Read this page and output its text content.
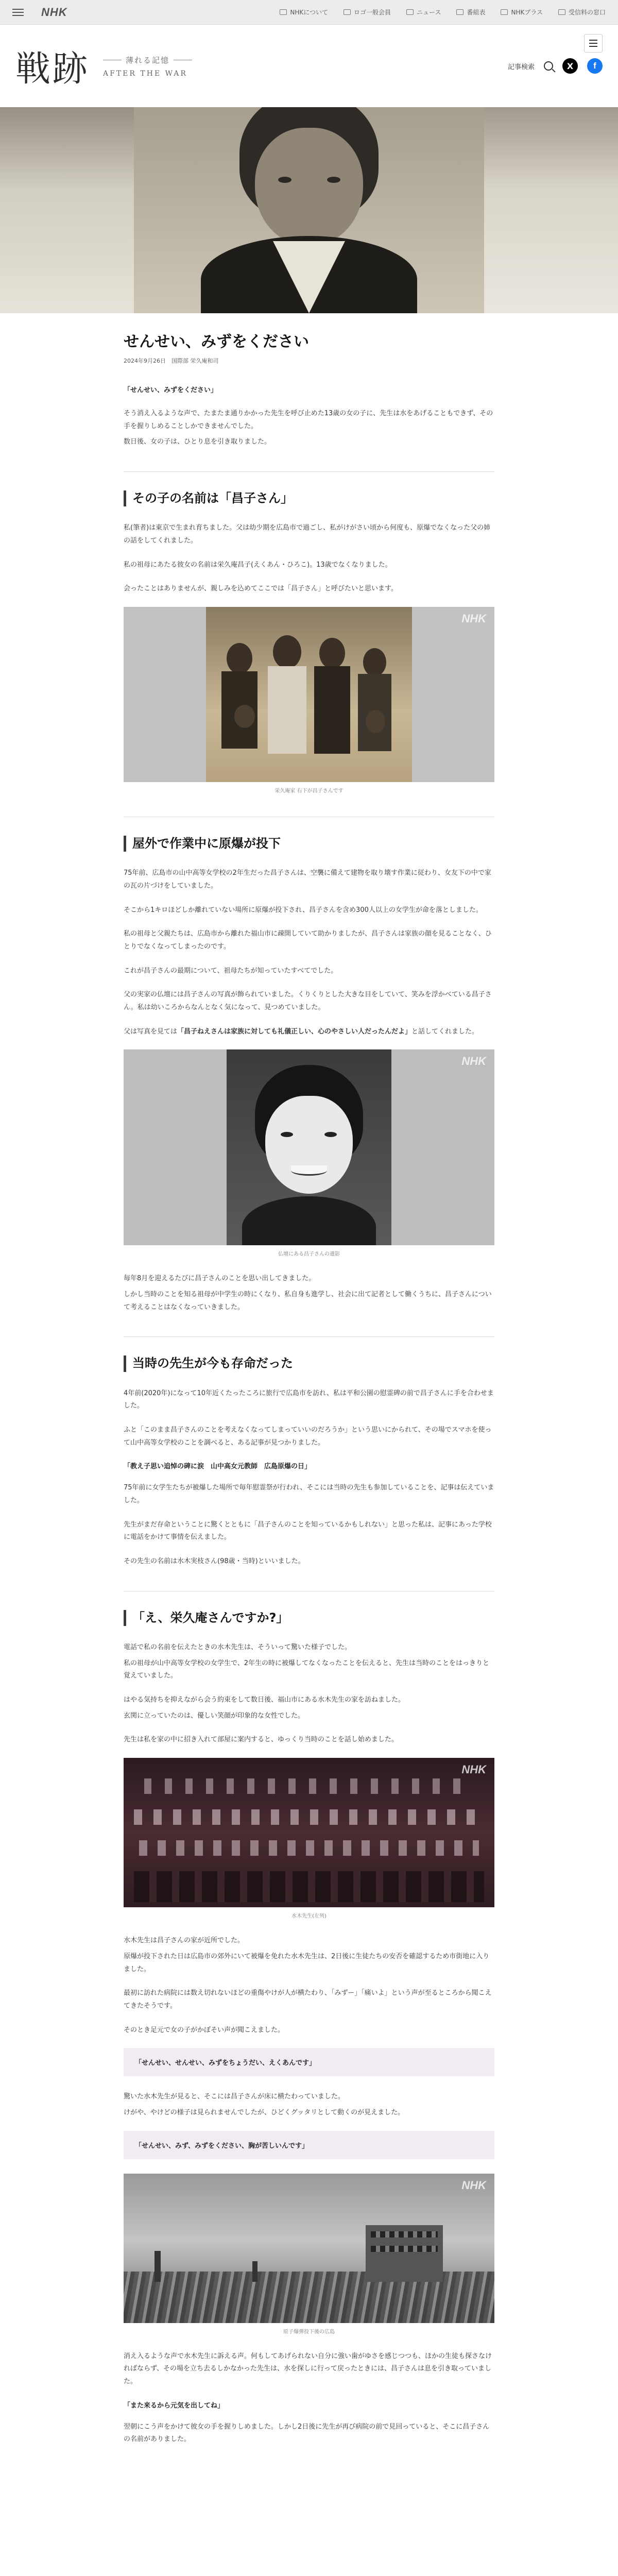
NHK	NHKについて	ロゴ一般会員	ニュース	番組表	NHKプラス	受信料の窓口
戦跡	薄れる記憶
AFTER THE WAR
記事検索	X	f
せんせい、みずをください
2024年9月26日　国際部 栄久庵和司
「せんせい、みずをください」

そう消え入るような声で、たまたま通りかかった先生を呼び止めた13歳の女の子に、先生は水をあげることもできず、その手を握りしめることしかできませんでした。

数日後、女の子は、ひとり息を引き取りました。

その子の名前は「昌子さん」

私(筆者)は東京で生まれ育ちました。父は幼少期を広島市で過ごし、私がけがさい頃から何度も、原爆でなくなった父の姉の話をしてくれました。

私の祖母にあたる彼女の名前は栄久庵昌子(えくあん・ひろこ)。13歳でなくなりました。

会ったことはありませんが、親しみを込めてここでは「昌子さん」と呼びたいと思います。

NHK
栄久庵家 右下が昌子さんです
屋外で作業中に原爆が投下

75年前、広島市の山中高等女学校の2年生だった昌子さんは、空襲に備えて建物を取り壊す作業に従わり、女友下の中で家の瓦の片づけをしていました。

そこから1キロほどしか離れていない場所に原爆が投下され、昌子さんを含め300人以上の女学生が命を落としました。

私の祖母と父親たちは、広島市から離れた福山市に疎開していて助かりましたが、昌子さんは家族の顔を見ることなく、ひとりでなくなってしまったのです。

これが昌子さんの最期について、祖母たちが知っていたすべてでした。

父の実家の仏壇には昌子さんの写真が飾られていました。くりくりとした大きな目をしていて、笑みを浮かべている昌子さん。私は幼いころからなんとなく気になって、見つめていました。

父は写真を見ては「昌子ねえさんは家族に対しても礼儀正しい、心のやさしい人だったんだよ」と話してくれました。

NHK
仏壇にある昌子さんの遺影

毎年8月を迎えるたびに昌子さんのことを思い出してきました。

しかし当時のことを知る祖母が中学生の時にくなり、私自身も進学し、社会に出て記者として働くうちに、昌子さんについて考えることはなくなっていきました。

当時の先生が今も存命だった

4年前(2020年)になって10年近くたったころに旅行で広島市を訪れ、私は平和公園の慰霊碑の前で昌子さんに手を合わせました。

ふと「このまま昌子さんのことを考えなくなってしまっていいのだろうか」という思いにかられて、その場でスマホを使って山中高等女学校のことを調べると、ある記事が見つかりました。

「教え子思い追悼の碑に涙　山中高女元教師　広島原爆の日」

75年前に女学生たちが被爆した場所で毎年慰霊祭が行われ、そこには当時の先生も参加していることを、記事は伝えていました。

先生がまだ存命ということに驚くとともに「昌子さんのことを知っているかもしれない」と思った私は、記事にあった学校に電話をかけて事情を伝えました。

その先生の名前は水木実枝さん(98歳・当時)といいました。

「え、栄久庵さんですか?」

電話で私の名前を伝えたときの水木先生は、そういって驚いた様子でした。

私の祖母が山中高等女学校の女学生で、2年生の時に被爆してなくなったことを伝えると、先生は当時のことをはっきりと覚えていました。

はやる気持ちを抑えながら会う約束をして数日後、福山市にある水木先生の家を訪ねました。

玄関に立っていたのは、優しい笑顔が印象的な女性でした。

先生は私を家の中に招き入れて部屋に案内すると、ゆっくり当時のことを話し始めました。

NHK
水木先生(左列)

水木先生は昌子さんの家が近所でした。

原爆が投下された日は広島市の郊外にいて被爆を免れた水木先生は、2日後に生徒たちの安否を確認するため市街地に入りました。

最初に訪れた病院には数え切れないほどの重傷やけが人が横たわり、「みずー」「痛いよ」という声が至るところから聞こえてきたそうです。

そのとき足元で女の子がかぼそい声が聞こえました。

「せんせい、せんせい、みずをちょうだい、えくあんです」

驚いた水木先生が見ると、そこには昌子さんが床に横たわっていました。

けがや、やけどの様子は見られませんでしたが、ひどくグッタリとして動くのが見えました。

「せんせい、みず、みずをください、胸が苦しいんです」
NHK
原子爆弾投下後の広島

消え入るような声で水木先生に訴える声。何もしてあげられない自分に強い歯がゆさを感じつつも、ほかの生徒も探さなければならず、その場を立ち去るしかなかった先生は、水を探しに行って戻ったときには、昌子さんは息を引き取っていました。

「また来るから元気を出してね」

翌朝にこう声をかけて彼女の手を握りしめました。しかし2日後に先生が再び病院の前で見回っていると、そこに昌子さんの名前がありました。
